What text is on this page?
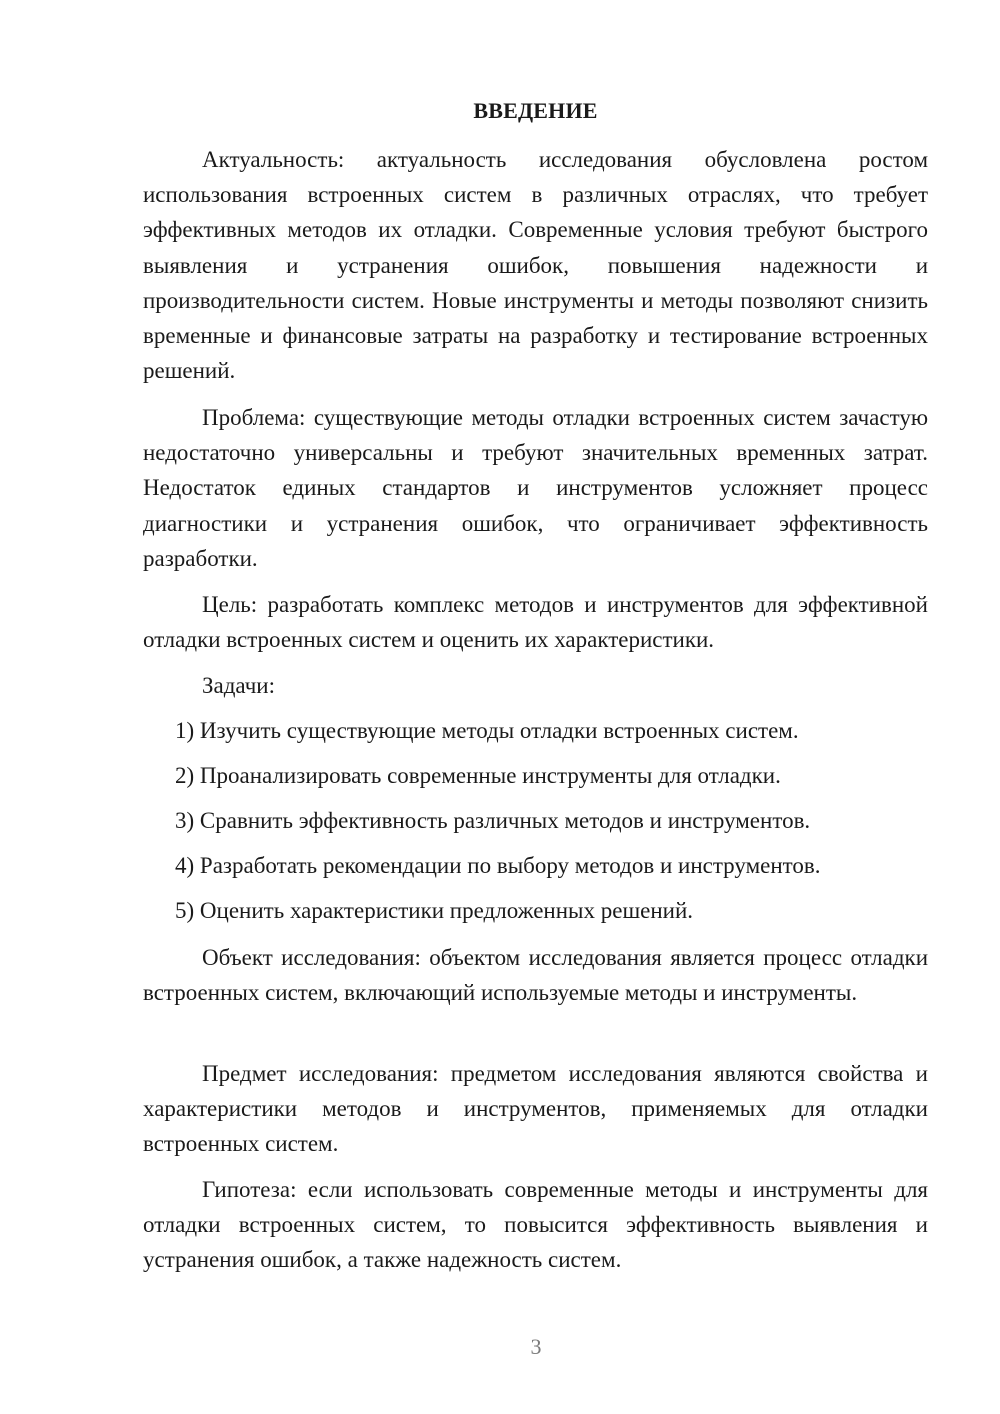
ВВЕДЕНИЕ

Актуальность: актуальность исследования обусловлена ростом использования встроенных систем в различных отраслях, что требует эффективных методов их отладки. Современные условия требуют быстрого выявления и устранения ошибок, повышения надежности и производительности систем. Новые инструменты и методы позволяют снизить временные и финансовые затраты на разработку и тестирование встроенных решений.

Проблема: существующие методы отладки встроенных систем зачастую недостаточно универсальны и требуют значительных временных затрат. Недостаток единых стандартов и инструментов усложняет процесс диагностики и устранения ошибок, что ограничивает эффективность разработки.

Цель: разработать комплекс методов и инструментов для эффективной отладки встроенных систем и оценить их характеристики.

Задачи:

1) Изучить существующие методы отладки встроенных систем.

2) Проанализировать современные инструменты для отладки.

3) Сравнить эффективность различных методов и инструментов.

4) Разработать рекомендации по выбору методов и инструментов.

5) Оценить характеристики предложенных решений.

Объект исследования: объектом исследования является процесс отладки встроенных систем, включающий используемые методы и инструменты.

Предмет исследования: предметом исследования являются свойства и характеристики методов и инструментов, применяемых для отладки встроенных систем.

Гипотеза: если использовать современные методы и инструменты для отладки встроенных систем, то повысится эффективность выявления и устранения ошибок, а также надежность систем.

3
